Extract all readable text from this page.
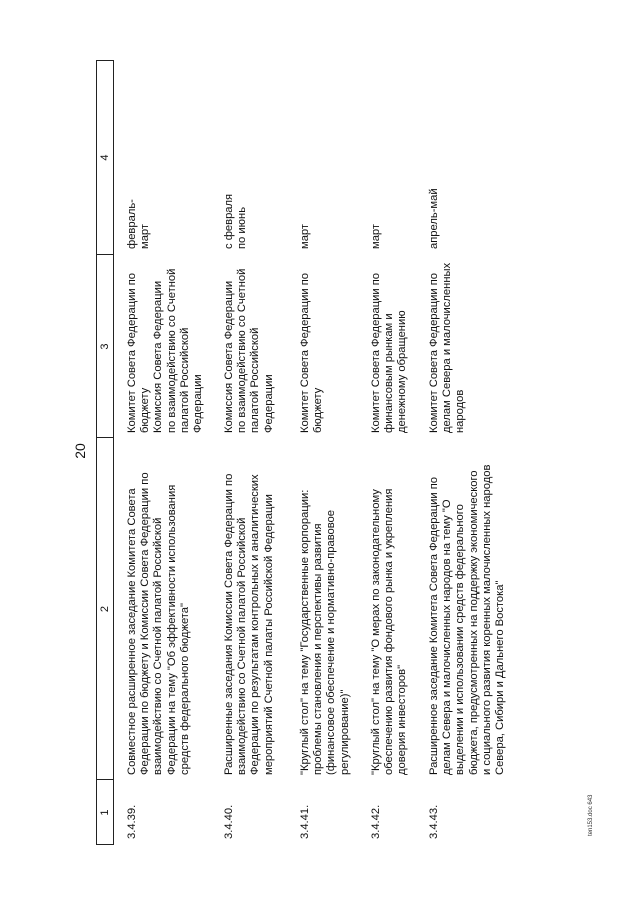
20
1
2
3
4
3.4.39.
Совместное расширенное заседание Комитета Совета
Федерации по бюджету и Комиссии Совета Федерации по
взаимодействию со Счетной палатой Российской
Федерации на тему "Об эффективности использования
средств федерального бюджета"
Комитет Совета Федерации по
бюджету
Комиссия Совета Федерации
по взаимодействию со Счетной
палатой Российской
Федерации
февраль-март
3.4.40.
Расширенные заседания Комиссии Совета Федерации по
взаимодействию со Счетной палатой Российской
Федерации по результатам контрольных и аналитических
мероприятий Счетной палаты Российской Федерации
Комиссия Совета Федерации
по взаимодействию со Счетной
палатой Российской
Федерации
с февраля
по июнь
3.4.41.
"Круглый стол" на тему "Государственные корпорации:
проблемы становления и перспективы развития
(финансовое обеспечение и нормативно-правовое
регулирование)"
Комитет Совета Федерации по
бюджету
март
3.4.42.
"Круглый стол" на тему "О мерах по законодательному
обеспечению развития фондового рынка и укрепления
доверия инвесторов"
Комитет Совета Федерации по
финансовым рынкам и
денежному обращению
март
3.4.43.
Расширенное заседание Комитета Совета Федерации по
делам Севера и малочисленных народов на тему "О
выделении и использовании средств федерального
бюджета, предусмотренных на поддержку экономического
и социального развития коренных малочисленных народов
Севера, Сибири и Дальнего Востока"
Комитет Совета Федерации по
делам Севера и малочисленных
народов
апрель-май
ten153.doc 643
